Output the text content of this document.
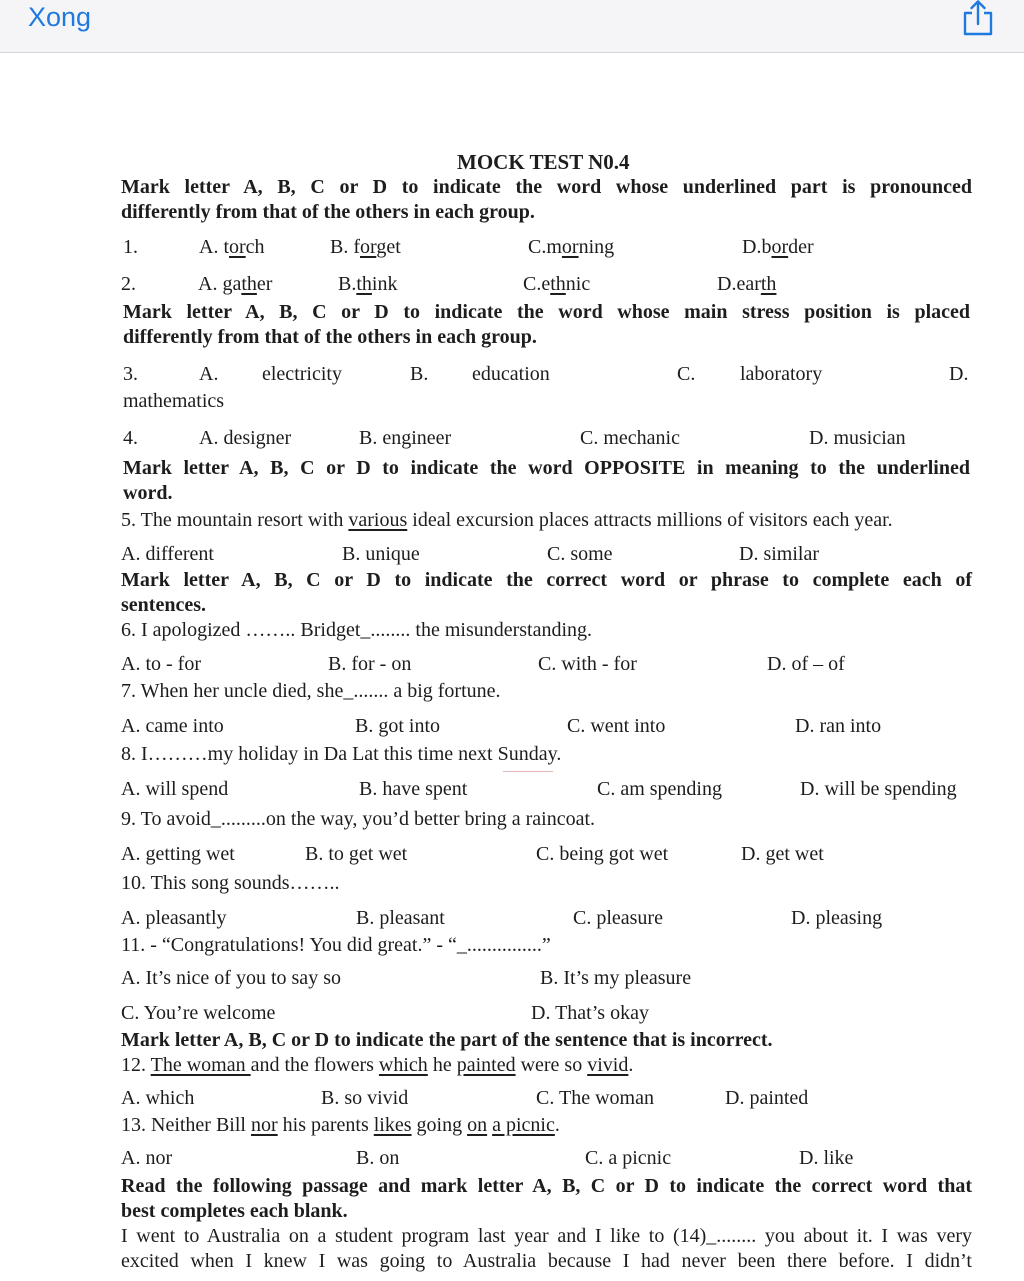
Xong
MOCK TEST N0.4
Mark letter A, B, C or D to indicate the word whose underlined part is pronounced
differently from that of the others in each group.
1.	A. torch	B. forget	C.morning	D.border
2.	A. gather	B.think	C.ethnic	D.earth
Mark letter A, B, C or D to indicate the word whose main stress position is placed
differently from that of the others in each group.
3.	A. electricity	B. education	C. laboratory	D.
mathematics
4.	A. designer	B. engineer	C. mechanic	D. musician
Mark letter A, B, C or D to indicate the word OPPOSITE in meaning to the underlined
word.
5. The mountain resort with various ideal excursion places attracts millions of visitors each year.
A. different	B. unique	C. some	D. similar
Mark letter A, B, C or D to indicate the correct word or phrase to complete each of
sentences.
6. I apologized …….. Bridget_........ the misunderstanding.
A. to - for	B. for - on	C. with - for	D. of – of
7. When her uncle died, she_....... a big fortune.
A. came into	B. got into	C. went into	D. ran into
8. I………my holiday in Da Lat this time next Sunday.
A. will spend	B. have spent	C. am spending	D. will be spending
9. To avoid_.........on the way, you’d better bring a raincoat.
A. getting wet	B. to get wet	C. being got wet	D. get wet
10. This song sounds……..
A. pleasantly	B. pleasant	C. pleasure	D. pleasing
11. - “Congratulations! You did great.” - “_...............”
A. It’s nice of you to say so	B. It’s my pleasure
C. You’re welcome	D. That’s okay
Mark letter A, B, C or D to indicate the part of the sentence that is incorrect.
12. The woman and the flowers which he painted were so vivid.
A. which	B. so vivid	C. The woman	D. painted
13. Neither Bill nor his parents likes going on a picnic.
A. nor	B. on	C. a picnic	D. like
Read the following passage and mark letter A, B, C or D to indicate the correct word that
best completes each blank.
I went to Australia on a student program last year and I like to (14)_........ you about it. I was very
excited when I knew I was going to Australia because I had never been there before. I didn’t
